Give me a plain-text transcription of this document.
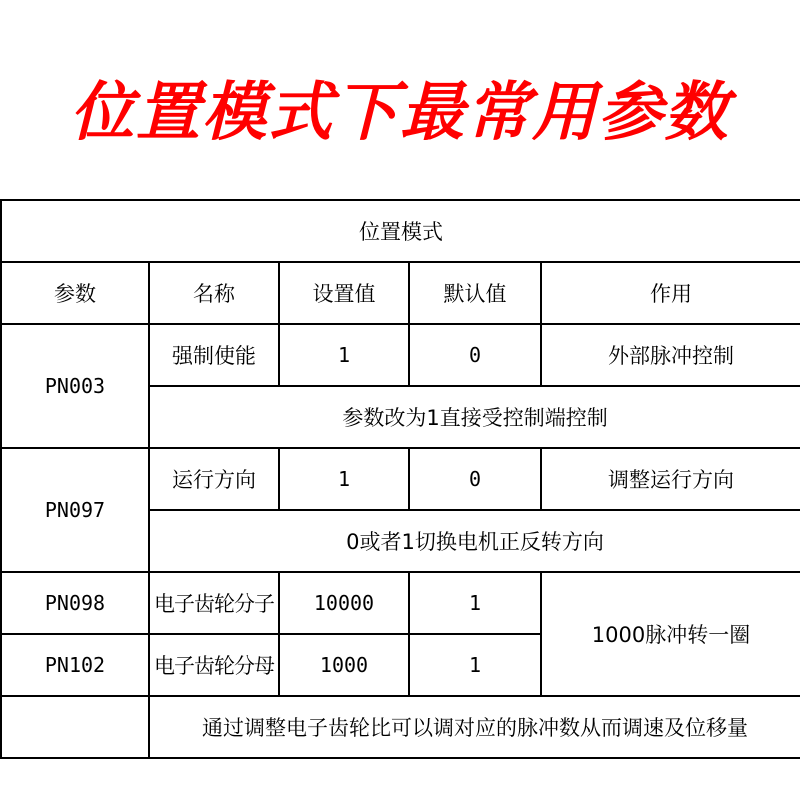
位置模式下最常用参数
位置模式				
参数	名称	设置值	默认值	作用
PN003	强制使能	1	0	外部脉冲控制
	参数改为1直接受控制端控制			
PN097	运行方向	1	0	调整运行方向
	0或者1切换电机正反转方向			
PN098	电子齿轮分子	10000	1	1000脉冲转一圈
PN102	电子齿轮分母	1000	1	
	通过调整电子齿轮比可以调对应的脉冲数从而调速及位移量			
